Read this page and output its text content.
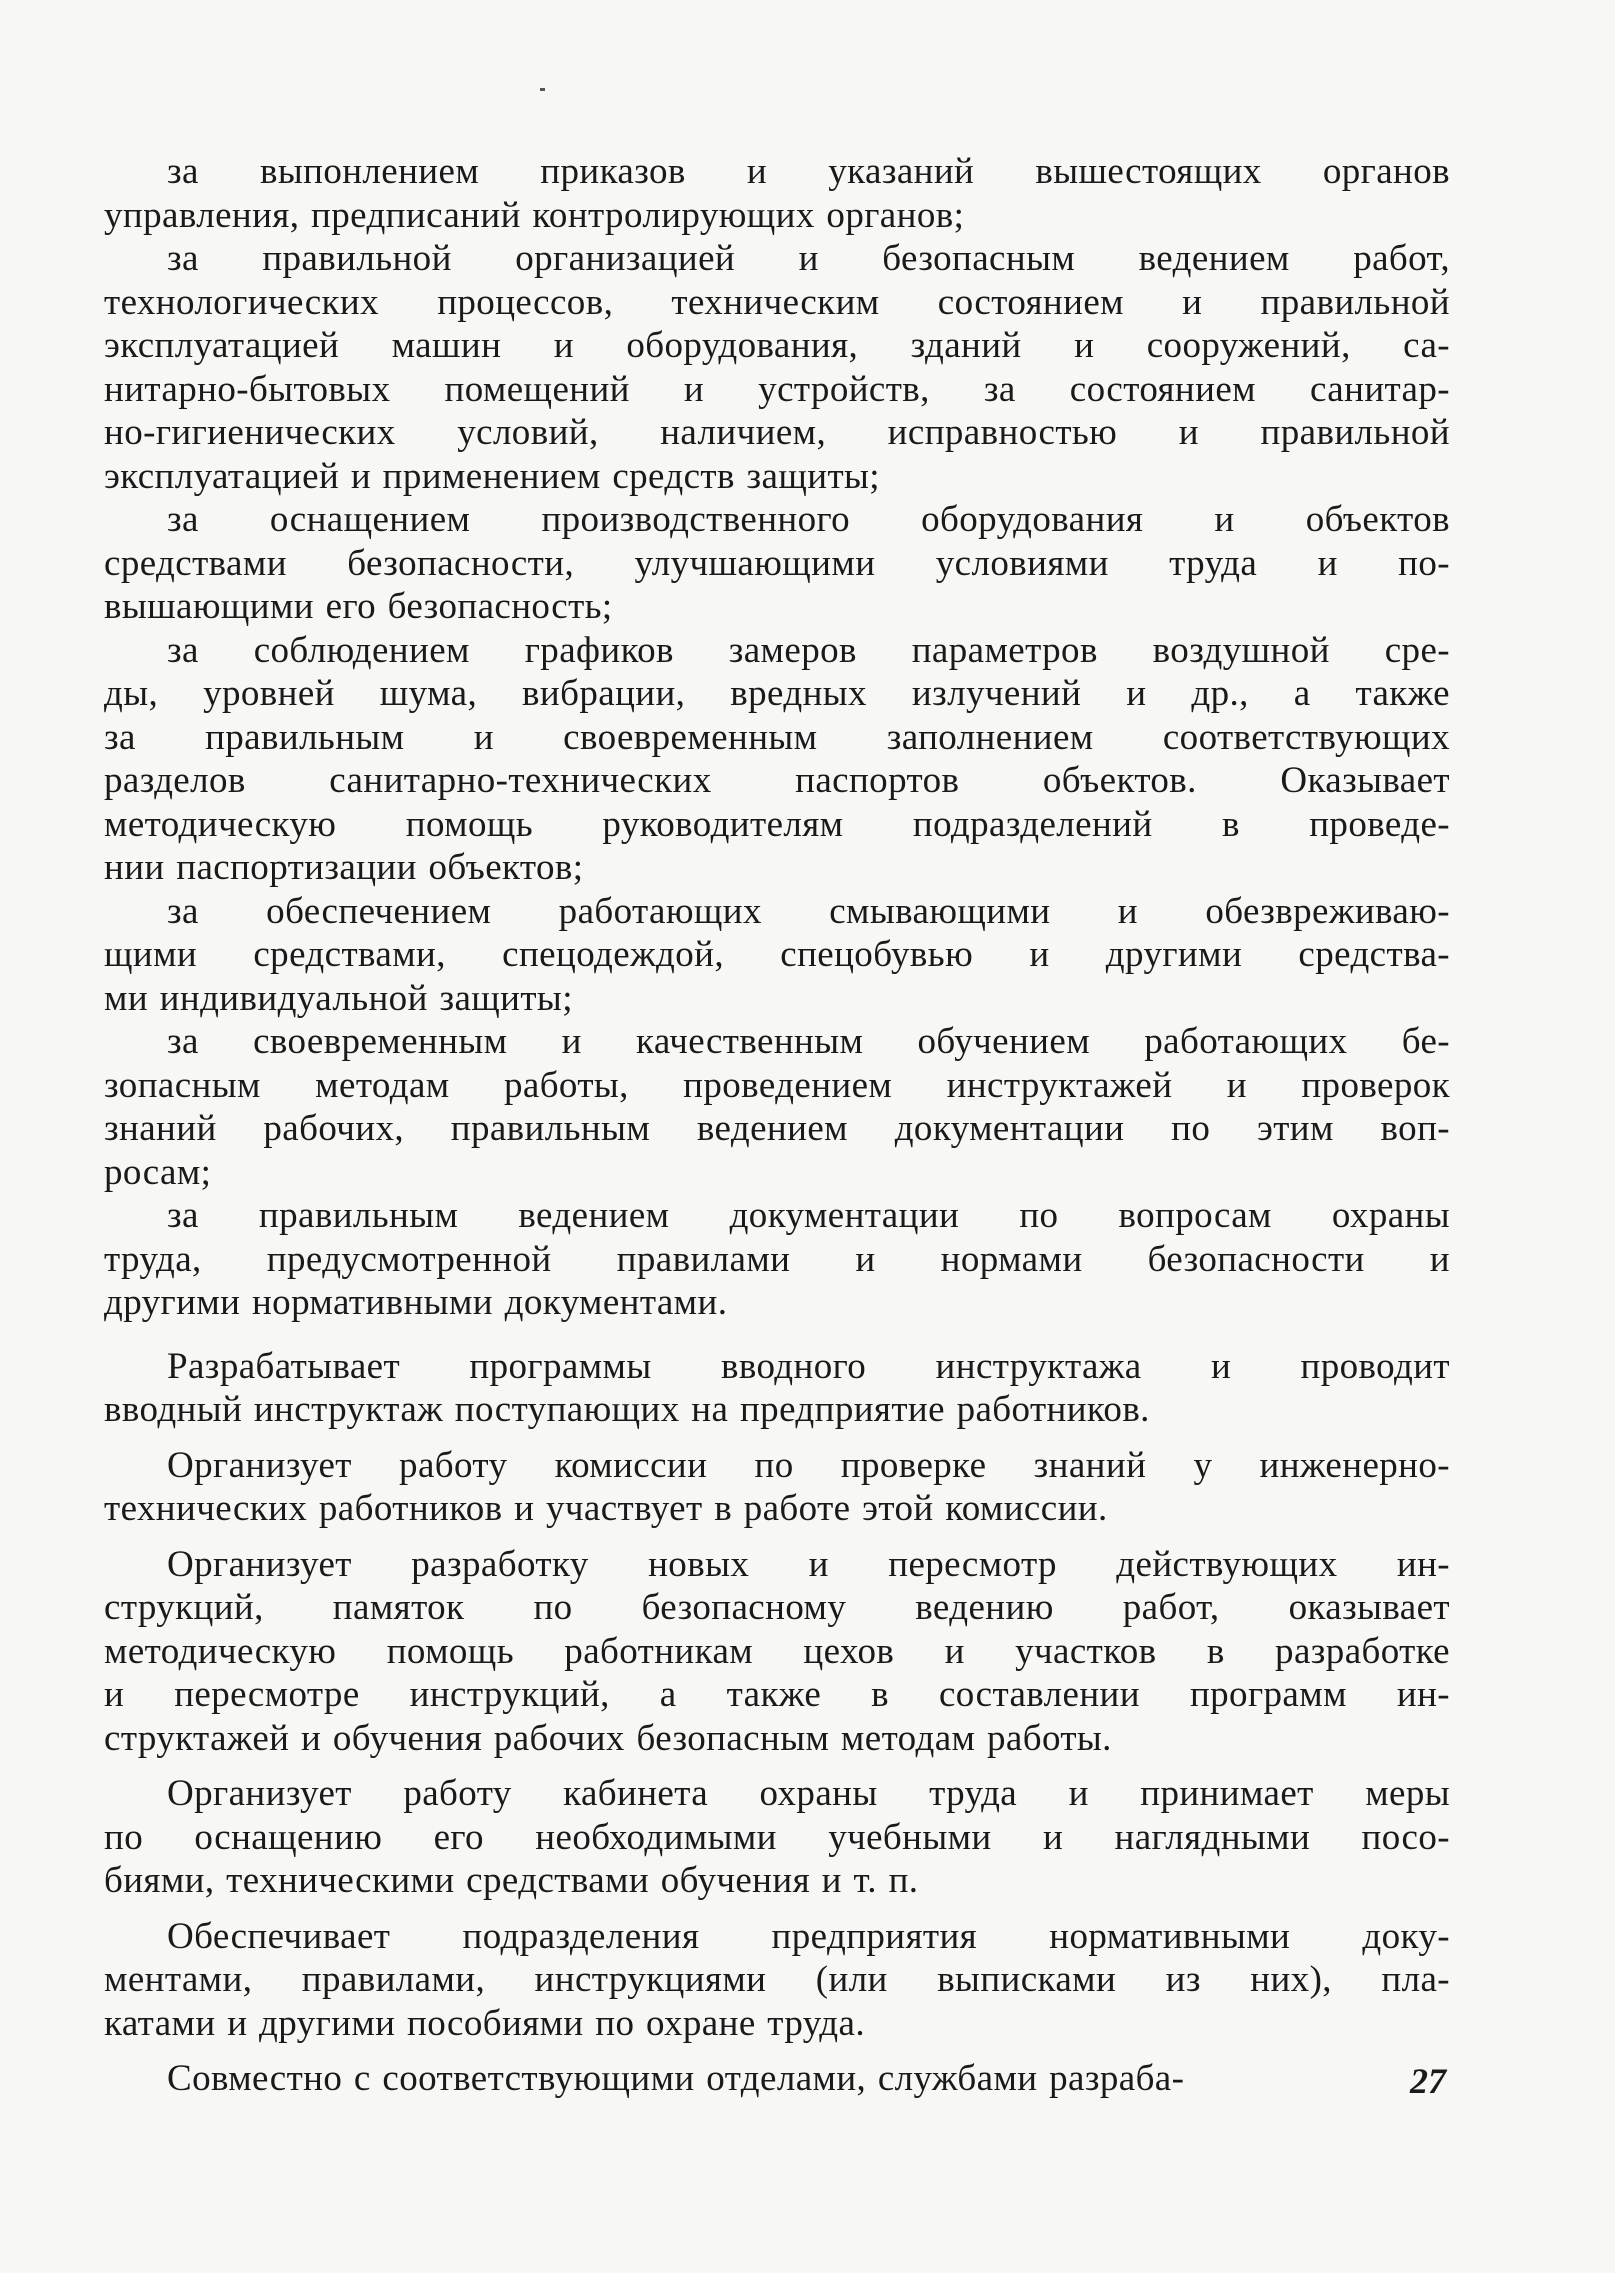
за выпонлением приказов и указаний вышестоящих органов
управления, предписаний контролирующих органов;
за правильной организацией и безопасным ведением работ,
технологических процессов, техническим состоянием и правильной
эксплуатацией машин и оборудования, зданий и сооружений, са-
нитарно-бытовых помещений и устройств, за состоянием санитар-
но-гигиенических условий, наличием, исправностью и правильной
эксплуатацией и применением средств защиты;
за оснащением производственного оборудования и объектов
средствами безопасности, улучшающими условиями труда и по-
вышающими его безопасность;
за соблюдением графиков замеров параметров воздушной сре-
ды, уровней шума, вибрации, вредных излучений и др., а также
за правильным и своевременным заполнением соответствующих
разделов санитарно-технических паспортов объектов. Оказывает
методическую помощь руководителям подразделений в проведе-
нии паспортизации объектов;
за обеспечением работающих смывающими и обезвреживаю-
щими средствами, спецодеждой, спецобувью и другими средства-
ми индивидуальной защиты;
за своевременным и качественным обучением работающих бе-
зопасным методам работы, проведением инструктажей и проверок
знаний рабочих, правильным ведением документации по этим воп-
росам;
за правильным ведением документации по вопросам охраны
труда, предусмотренной правилами и нормами безопасности и
другими нормативными документами.
Разрабатывает программы вводного инструктажа и проводит
вводный инструктаж поступающих на предприятие работников.
Организует работу комиссии по проверке знаний у инженерно-
технических работников и участвует в работе этой комиссии.
Организует разработку новых и пересмотр действующих ин-
струкций, памяток по безопасному ведению работ, оказывает
методическую помощь работникам цехов и участков в разработке
и пересмотре инструкций, а также в составлении программ ин-
структажей и обучения рабочих безопасным методам работы.
Организует работу кабинета охраны труда и принимает меры
по оснащению его необходимыми учебными и наглядными посо-
биями, техническими средствами обучения и т. п.
Обеспечивает подразделения предприятия нормативными доку-
ментами, правилами, инструкциями (или выписками из них), пла-
катами и другими пособиями по охране труда.
Совместно с соответствующими отделами, службами разраба-	27
